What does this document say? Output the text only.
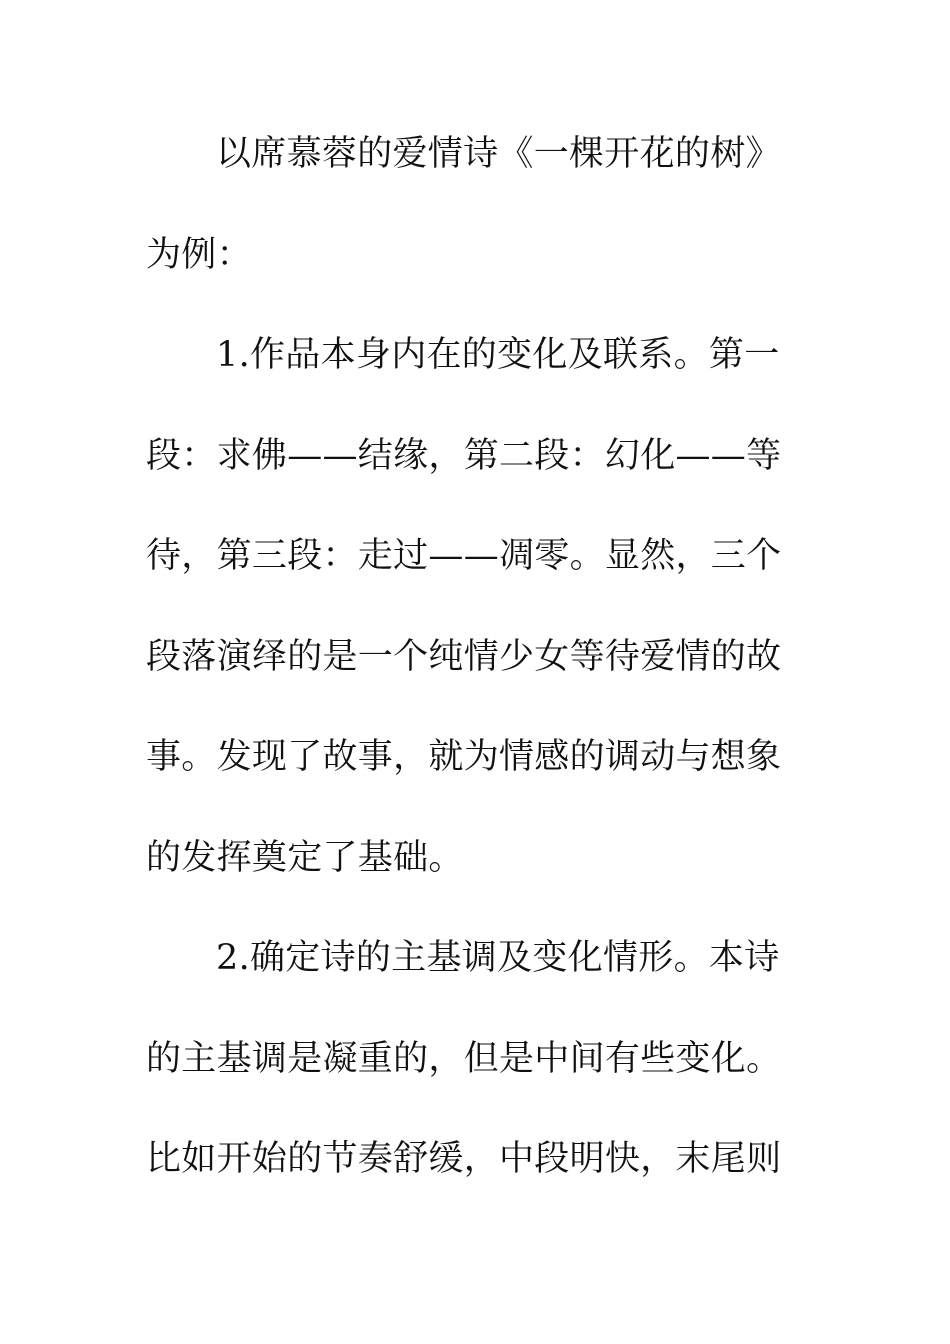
以席慕蓉的爱情诗《一棵开花的树》
为例：
1.作品本身内在的变化及联系。第一
段：求佛——结缘，第二段：幻化——等
待，第三段：走过——凋零。显然，三个
段落演绎的是一个纯情少女等待爱情的故
事。发现了故事，就为情感的调动与想象
的发挥奠定了基础。
2.确定诗的主基调及变化情形。本诗
的主基调是凝重的，但是中间有些变化。
比如开始的节奏舒缓，中段明快，末尾则
